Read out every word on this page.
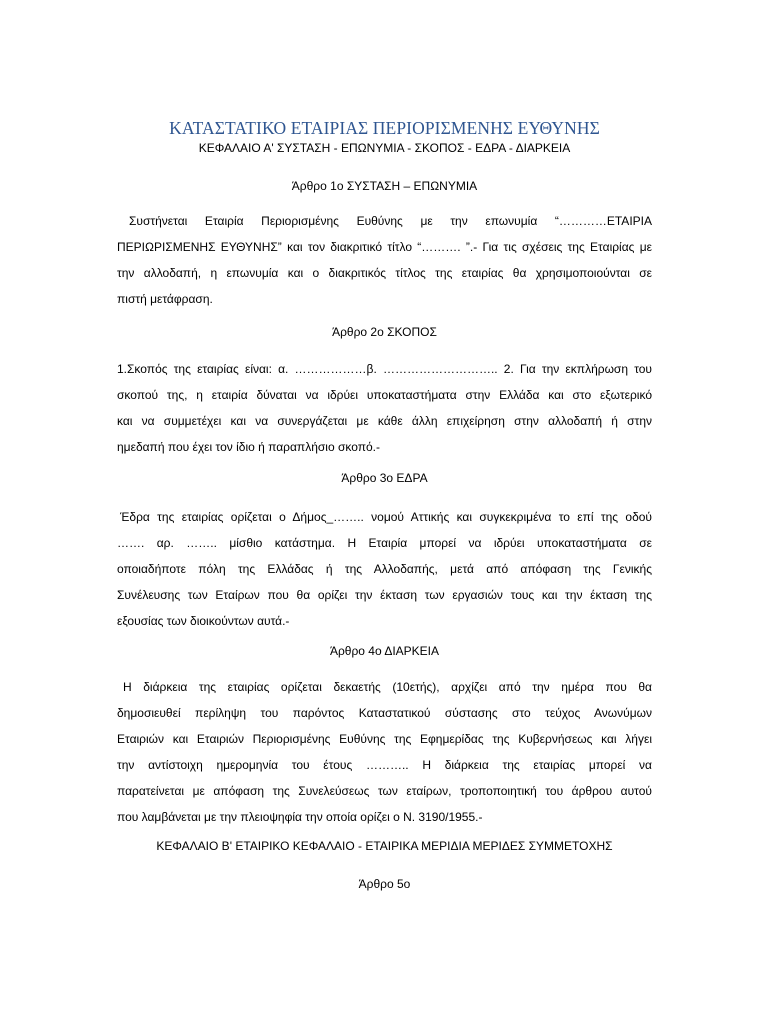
ΚΑΤΑΣΤΑΤΙΚΟ ΕΤΑΙΡΙΑΣ ΠΕΡΙΟΡΙΣΜΕΝΗΣ ΕΥΘΥΝΗΣ
ΚΕΦΑΛΑΙΟ Α' ΣΥΣΤΑΣΗ - ΕΠΩΝΥΜΙΑ - ΣΚΟΠΟΣ - ΕΔΡΑ - ΔΙΑΡΚΕΙΑ
Άρθρο 1ο ΣΥΣΤΑΣΗ – ΕΠΩΝΥΜΙΑ
Συστήνεται Εταιρία Περιορισμένης Ευθύνης με την επωνυμία “…………ΕΤΑΙΡΙΑ
ΠΕΡΙΩΡΙΣΜΕΝΗΣ ΕΥΘΥΝΗΣ” και τον διακριτικό τίτλο “………. ”.- Για τις σχέσεις της Εταιρίας με
την αλλοδαπή, η επωνυμία και ο διακριτικός τίτλος της εταιρίας θα χρησιμοποιούνται σε
πιστή μετάφραση.
Άρθρο 2ο ΣΚΟΠΟΣ
1.Σκοπός της εταιρίας είναι: α. ………………β. ……………………….. 2. Για την εκπλήρωση του
σκοπού της, η εταιρία δύναται να ιδρύει υποκαταστήματα στην Ελλάδα και στο εξωτερικό
και να συμμετέχει και να συνεργάζεται με κάθε άλλη επιχείρηση στην αλλοδαπή ή στην
ημεδαπή που έχει τον ίδιο ή παραπλήσιο σκοπό.-
Άρθρο 3ο ΕΔΡΑ
Έδρα της εταιρίας ορίζεται ο Δήμος_…….. νομού Αττικής και συγκεκριμένα το επί της οδού
……. αρ. …….. μίσθιο κατάστημα. Η Εταιρία μπορεί να ιδρύει υποκαταστήματα σε
οποιαδήποτε πόλη της Ελλάδας ή της Αλλοδαπής, μετά από απόφαση της Γενικής
Συνέλευσης των Εταίρων που θα ορίζει την έκταση των εργασιών τους και την έκταση της
εξουσίας των διοικούντων αυτά.-
Άρθρο 4ο ΔΙΑΡΚΕΙΑ
Η διάρκεια της εταιρίας ορίζεται δεκαετής (10ετής), αρχίζει από την ημέρα που θα
δημοσιευθεί περίληψη του παρόντος Καταστατικού σύστασης στο τεύχος Ανωνύμων
Εταιριών και Εταιριών Περιορισμένης Ευθύνης της Εφημερίδας της Κυβερνήσεως και λήγει
την αντίστοιχη ημερομηνία του έτους ……….. Η διάρκεια της εταιρίας μπορεί να
παρατείνεται με απόφαση της Συνελεύσεως των εταίρων, τροποποιητική του άρθρου αυτού
που λαμβάνεται με την πλειοψηφία την οποία ορίζει ο Ν. 3190/1955.-
ΚΕΦΑΛΑΙΟ Β' ΕΤΑΙΡΙΚΟ ΚΕΦΑΛΑΙΟ - ΕΤΑΙΡΙΚΑ ΜΕΡΙΔΙΑ ΜΕΡΙΔΕΣ ΣΥΜΜΕΤΟΧΗΣ
Άρθρο 5ο
